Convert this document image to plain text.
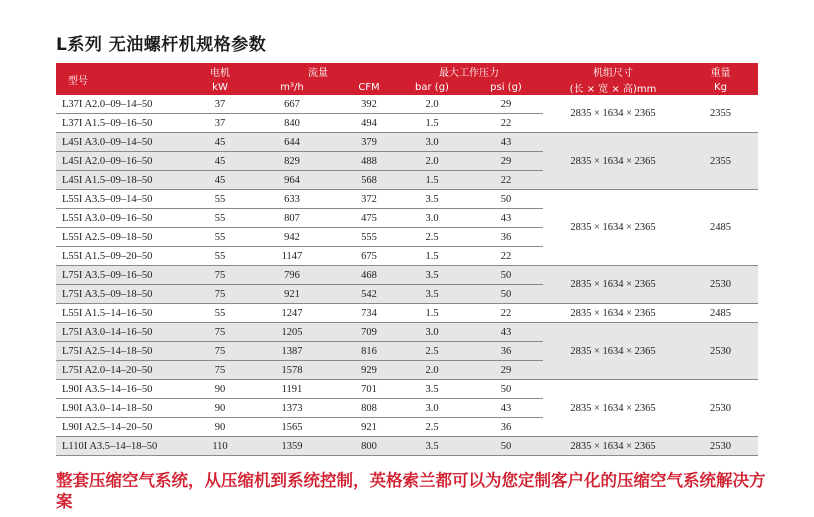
L系列 无油螺杆机规格参数
型号	电机	流量		最大工作压力		机组尺寸	重量
	kW	m³/h	CFM	bar (g)	psi (g)	(长 × 宽 × 高)mm	Kg
L37I A2.0–09–14–50	37	667	392	2.0	29	2835 × 1634 × 2365	2355
L37I A1.5–09–16–50	37	840	494	1.5	22		
L45I A3.0–09–14–50	45	644	379	3.0	43	2835 × 1634 × 2365	2355
L45I A2.0–09–16–50	45	829	488	2.0	29		
L45I A1.5–09–18–50	45	964	568	1.5	22		
L55I A3.5–09–14–50	55	633	372	3.5	50	2835 × 1634 × 2365	2485
L55I A3.0–09–16–50	55	807	475	3.0	43		
L55I A2.5–09–18–50	55	942	555	2.5	36		
L55I A1.5–09–20–50	55	1147	675	1.5	22		
L75I A3.5–09–16–50	75	796	468	3.5	50	2835 × 1634 × 2365	2530
L75I A3.5–09–18–50	75	921	542	3.5	50		
L55I A1.5–14–16–50	55	1247	734	1.5	22	2835 × 1634 × 2365	2485
L75I A3.0–14–16–50	75	1205	709	3.0	43	2835 × 1634 × 2365	2530
L75I A2.5–14–18–50	75	1387	816	2.5	36		
L75I A2.0–14–20–50	75	1578	929	2.0	29		
L90I A3.5–14–16–50	90	1191	701	3.5	50	2835 × 1634 × 2365	2530
L90I A3.0–14–18–50	90	1373	808	3.0	43		
L90I A2.5–14–20–50	90	1565	921	2.5	36		
L110I A3.5–14–18–50	110	1359	800	3.5	50	2835 × 1634 × 2365	2530
整套压缩空气系统，从压缩机到系统控制，英格索兰都可以为您定制客户化的压缩空气系统解决方案
